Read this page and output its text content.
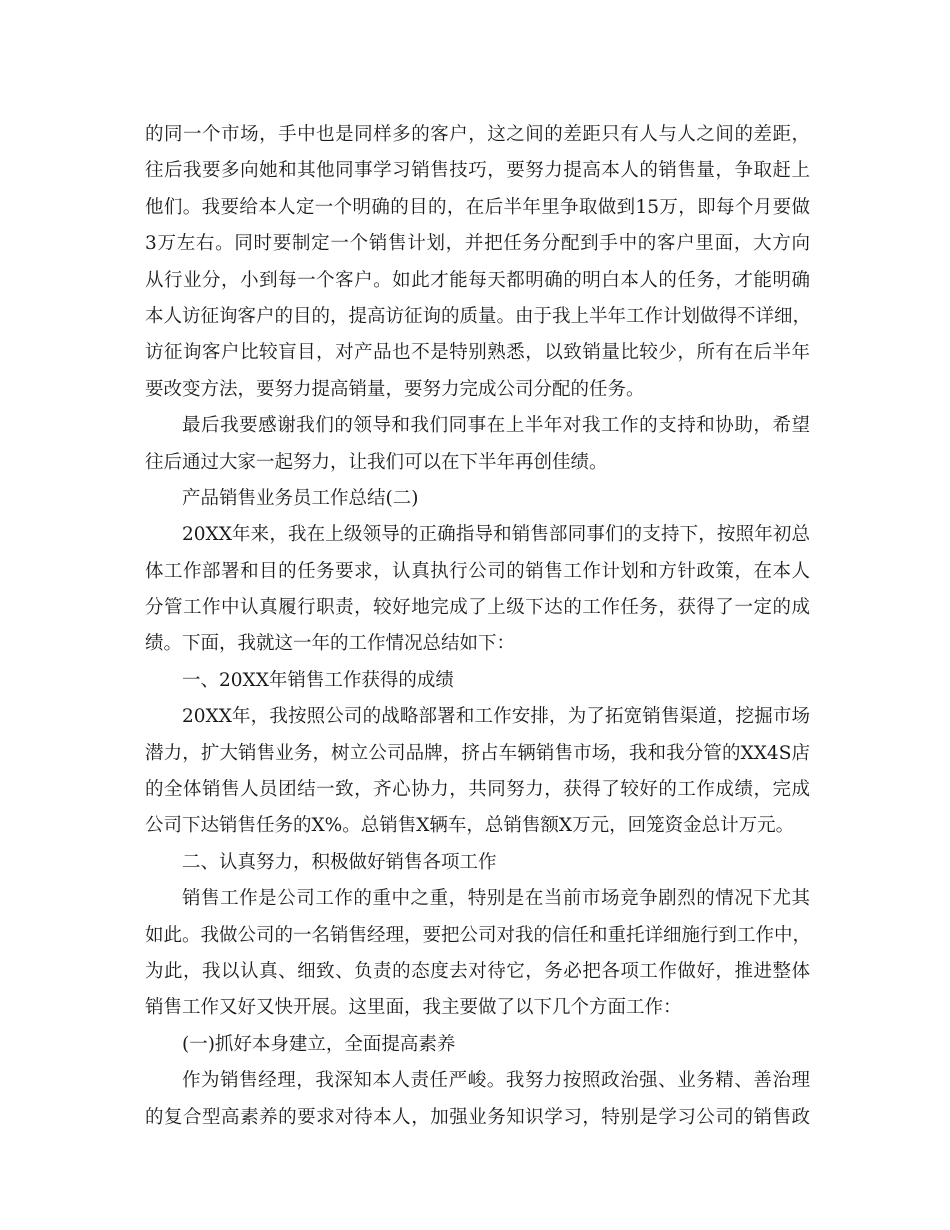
的同一个市场，手中也是同样多的客户，这之间的差距只有人与人之间的差距，
往后我要多向她和其他同事学习销售技巧，要努力提高本人的销售量，争取赶上
他们。我要给本人定一个明确的目的，在后半年里争取做到15万，即每个月要做
3万左右。同时要制定一个销售计划，并把任务分配到手中的客户里面，大方向
从行业分，小到每一个客户。如此才能每天都明确的明白本人的任务，才能明确
本人访征询客户的目的，提高访征询的质量。由于我上半年工作计划做得不详细，
访征询客户比较盲目，对产品也不是特别熟悉，以致销量比较少，所有在后半年
要改变方法，要努力提高销量，要努力完成公司分配的任务。
最后我要感谢我们的领导和我们同事在上半年对我工作的支持和协助，希望
往后通过大家一起努力，让我们可以在下半年再创佳绩。
产品销售业务员工作总结(二)
20XX年来，我在上级领导的正确指导和销售部同事们的支持下，按照年初总
体工作部署和目的任务要求，认真执行公司的销售工作计划和方针政策，在本人
分管工作中认真履行职责，较好地完成了上级下达的工作任务，获得了一定的成
绩。下面，我就这一年的工作情况总结如下：
一、20XX年销售工作获得的成绩
20XX年，我按照公司的战略部署和工作安排，为了拓宽销售渠道，挖掘市场
潜力，扩大销售业务，树立公司品牌，挤占车辆销售市场，我和我分管的XX4S店
的全体销售人员团结一致，齐心协力，共同努力，获得了较好的工作成绩，完成
公司下达销售任务的X%。总销售X辆车，总销售额X万元，回笼资金总计万元。
二、认真努力，积极做好销售各项工作
销售工作是公司工作的重中之重，特别是在当前市场竞争剧烈的情况下尤其
如此。我做公司的一名销售经理，要把公司对我的信任和重托详细施行到工作中，
为此，我以认真、细致、负责的态度去对待它，务必把各项工作做好，推进整体
销售工作又好又快开展。这里面，我主要做了以下几个方面工作：
(一)抓好本身建立，全面提高素养
作为销售经理，我深知本人责任严峻。我努力按照政治强、业务精、善治理
的复合型高素养的要求对待本人，加强业务知识学习，特别是学习公司的销售政
